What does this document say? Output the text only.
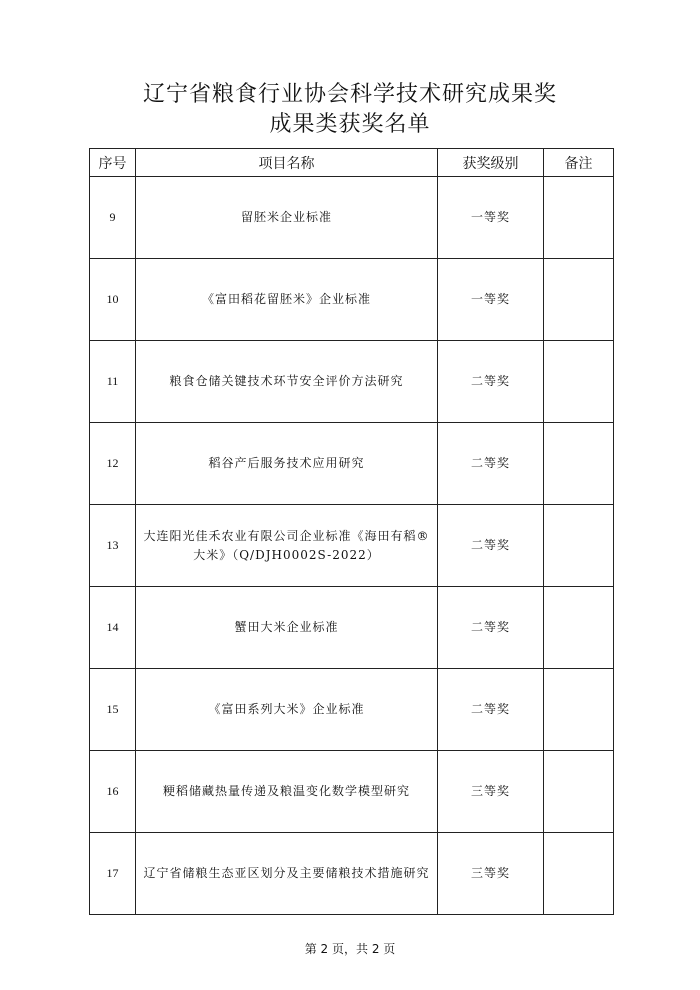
辽宁省粮食行业协会科学技术研究成果奖
成果类获奖名单
序号	项目名称	获奖级别	备注
9	留胚米企业标准	一等奖	
10	《富田稻花留胚米》企业标准	一等奖	
11	粮食仓储关键技术环节安全评价方法研究	二等奖	
12	稻谷产后服务技术应用研究	二等奖	
13	大连阳光佳禾农业有限公司企业标准《海田有稻®大米》（Q/DJH0002S-2022）	二等奖	
14	蟹田大米企业标准	二等奖	
15	《富田系列大米》企业标准	二等奖	
16	粳稻储藏热量传递及粮温变化数学模型研究	三等奖	
17	辽宁省储粮生态亚区划分及主要储粮技术措施研究	三等奖	
第 2 页，共 2 页
